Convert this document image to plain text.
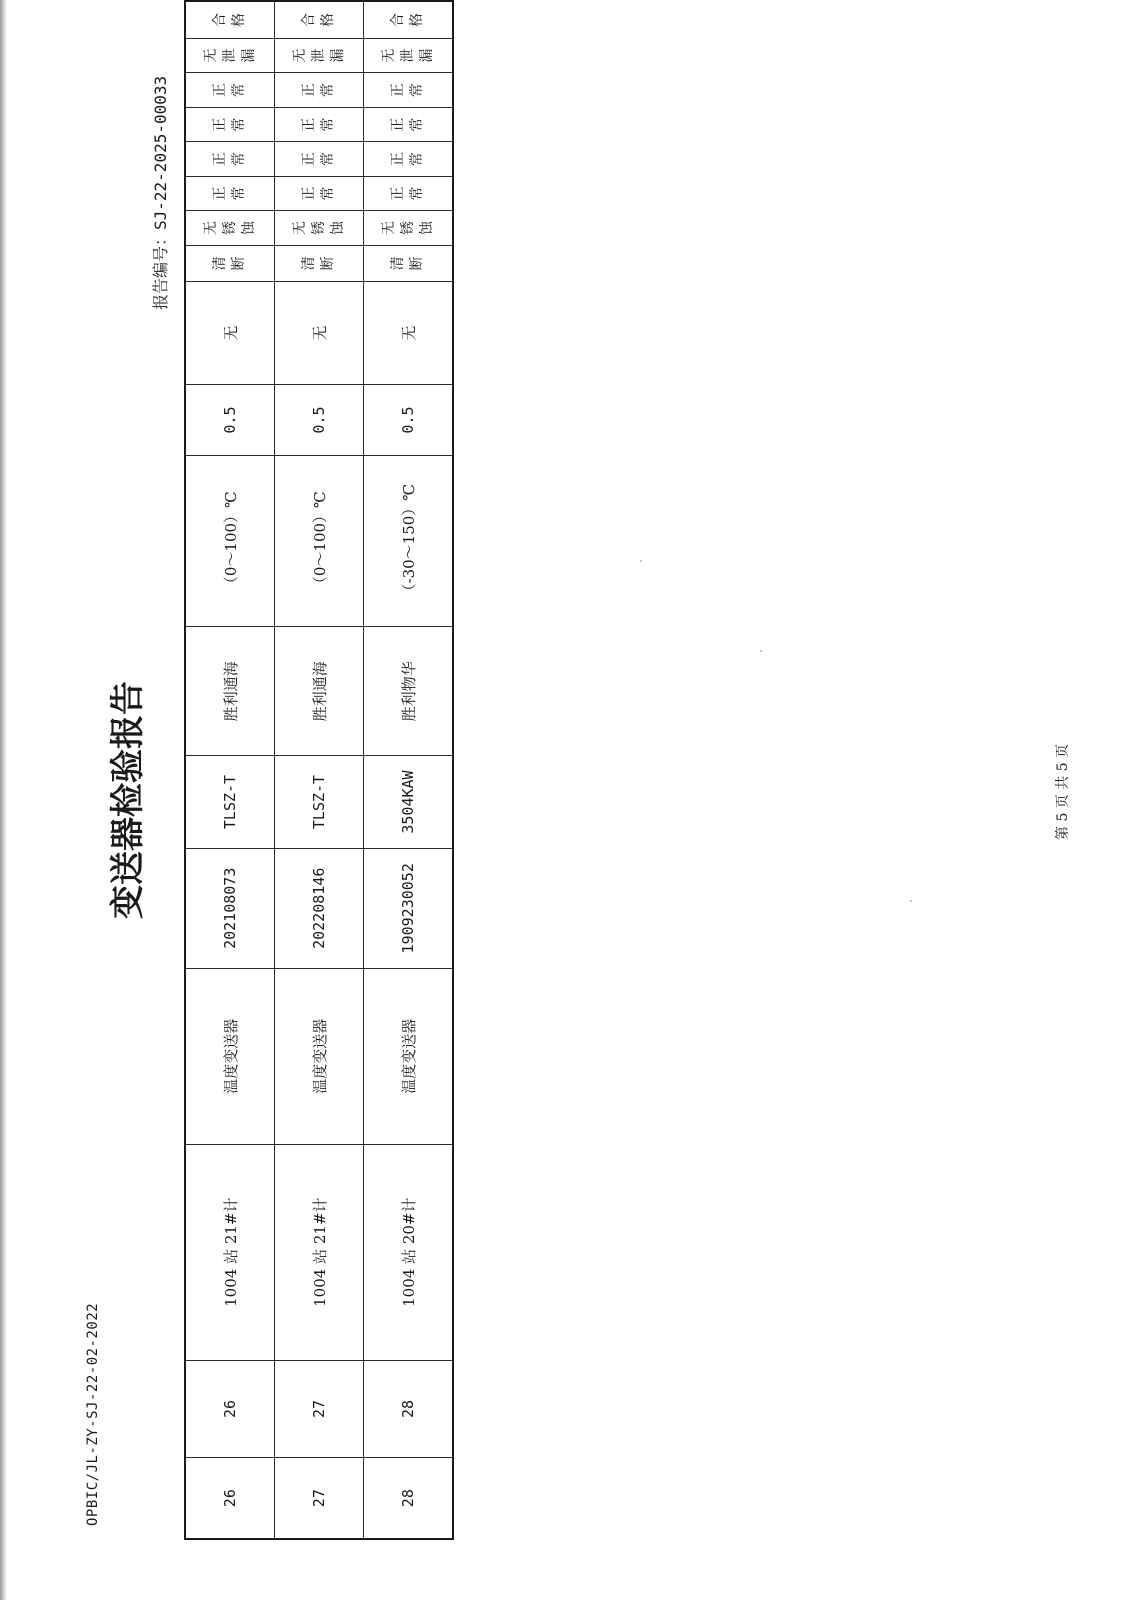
OPBIC/JL-ZY-SJ-22-02-2022
变送器检验报告
报告编号：SJ-22-2025-00033
26	26	1004 站 21#计	温度变送器	202108073	TLSZ-T	胜利通海	（0～100）℃	0.5	无	清 断	无 锈 蚀	正 常	正 常	正 常	正 常	无 泄 漏	合 格

27	27	1004 站 21#计	温度变送器	202208146	TLSZ-T	胜利通海	（0～100）℃	0.5	无	清 断	无 锈 蚀	正 常	正 常	正 常	正 常	无 泄 漏	合 格

28	28	1004 站 20#计	温度变送器	1909230052	3504KAW	胜利物华	（-30～150）℃	0.5	无	清 断	无 锈 蚀	正 常	正 常	正 常	正 常	无 泄 漏	合 格
第 5 页 共 5 页
